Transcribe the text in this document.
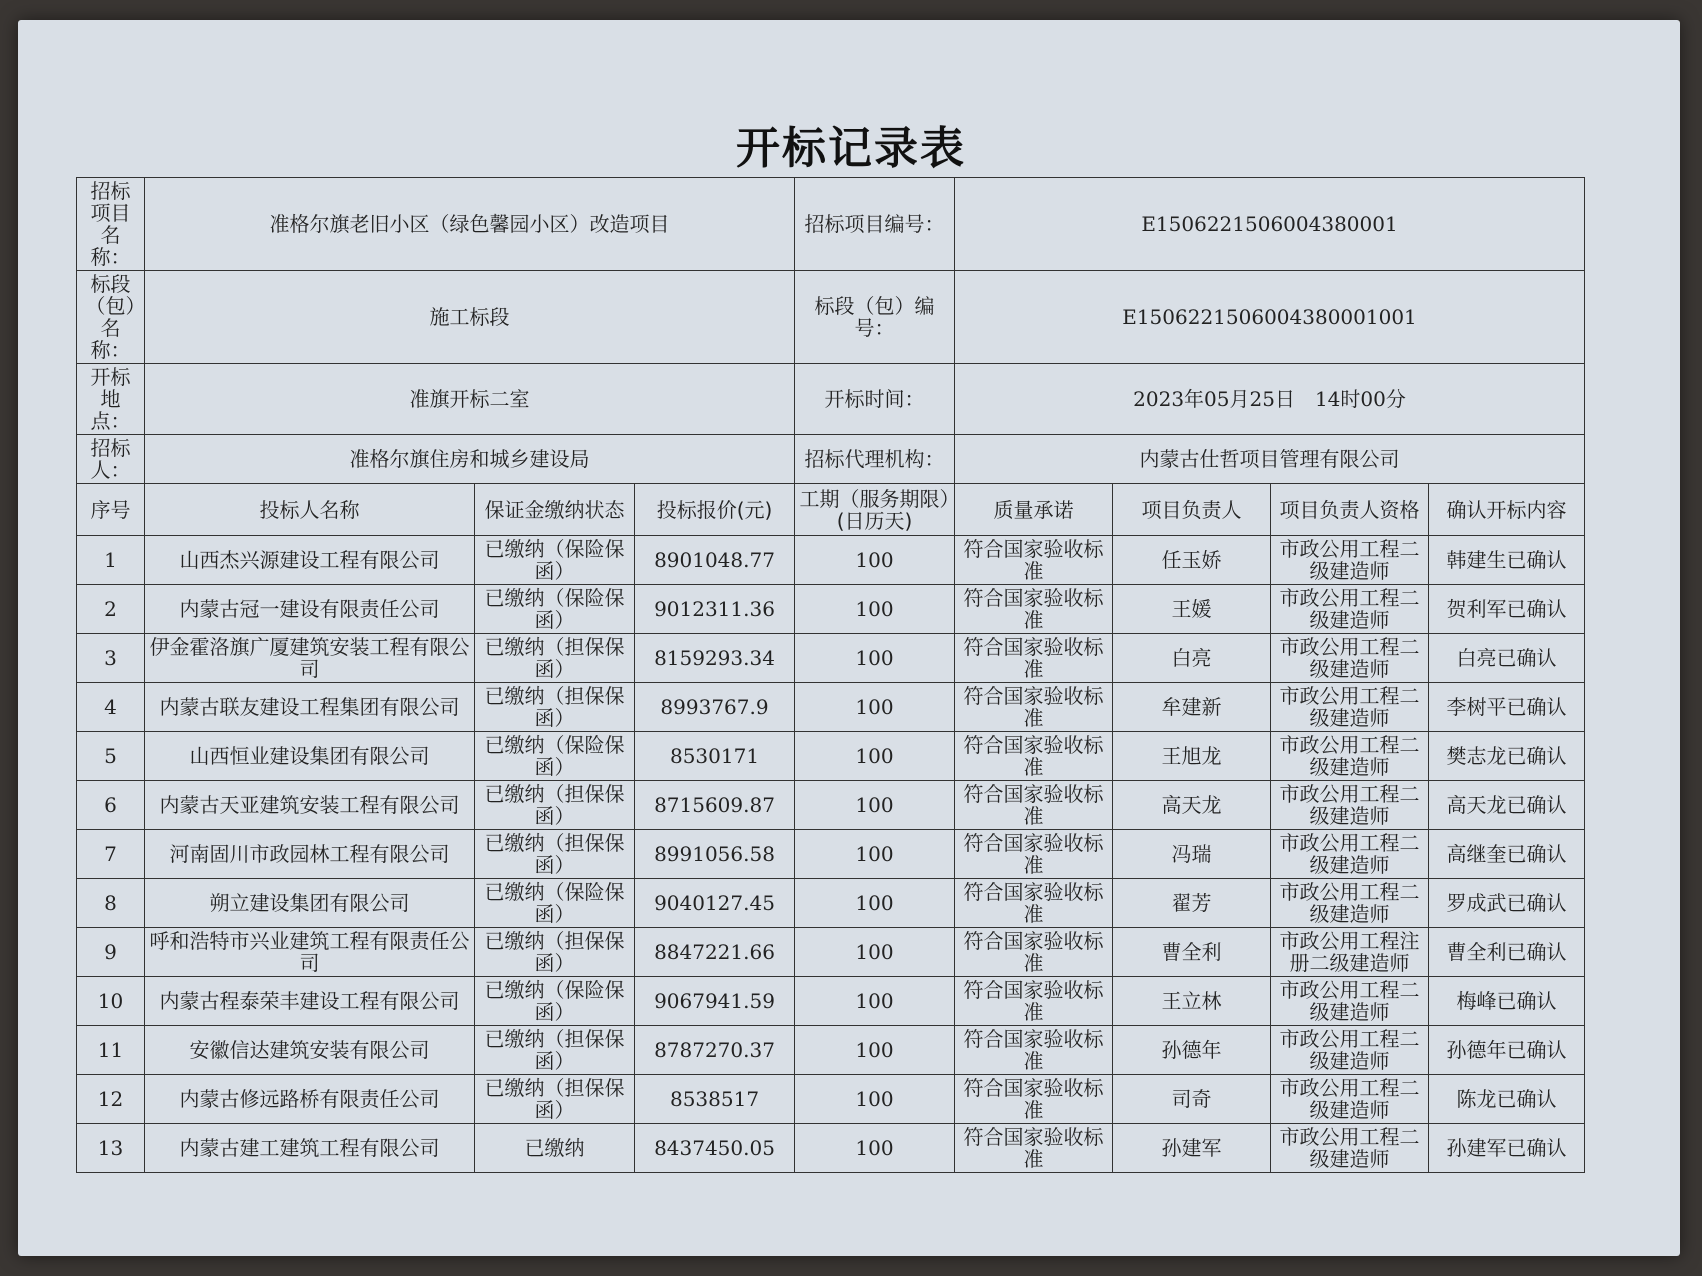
开标记录表
招标项目名称：	准格尔旗老旧小区（绿色馨园小区）改造项目			招标项目编号：	E1506221506004380001			
标段（包）名称：	施工标段			标段（包）编号：	E1506221506004380001001			
开标地点：	准旗开标二室			开标时间：	2023年05月25日　14时00分			
招标人：	准格尔旗住房和城乡建设局			招标代理机构：	内蒙古仕哲项目管理有限公司			
序号	投标人名称	保证金缴纳状态	投标报价(元)	工期（服务期限）(日历天)	质量承诺	项目负责人	项目负责人资格	确认开标内容
1	山西杰兴源建设工程有限公司	已缴纳（保险保函）	8901048.77	100	符合国家验收标准	任玉娇	市政公用工程二级建造师	韩建生已确认
2	内蒙古冠一建设有限责任公司	已缴纳（保险保函）	9012311.36	100	符合国家验收标准	王媛	市政公用工程二级建造师	贺利军已确认
3	伊金霍洛旗广厦建筑安装工程有限公司	已缴纳（担保保函）	8159293.34	100	符合国家验收标准	白亮	市政公用工程二级建造师	白亮已确认
4	内蒙古联友建设工程集团有限公司	已缴纳（担保保函）	8993767.9	100	符合国家验收标准	牟建新	市政公用工程二级建造师	李树平已确认
5	山西恒业建设集团有限公司	已缴纳（保险保函）	8530171	100	符合国家验收标准	王旭龙	市政公用工程二级建造师	樊志龙已确认
6	内蒙古天亚建筑安装工程有限公司	已缴纳（担保保函）	8715609.87	100	符合国家验收标准	高天龙	市政公用工程二级建造师	高天龙已确认
7	河南固川市政园林工程有限公司	已缴纳（担保保函）	8991056.58	100	符合国家验收标准	冯瑞	市政公用工程二级建造师	高继奎已确认
8	朔立建设集团有限公司	已缴纳（保险保函）	9040127.45	100	符合国家验收标准	翟芳	市政公用工程二级建造师	罗成武已确认
9	呼和浩特市兴业建筑工程有限责任公司	已缴纳（担保保函）	8847221.66	100	符合国家验收标准	曹全利	市政公用工程注册二级建造师	曹全利已确认
10	内蒙古程泰荣丰建设工程有限公司	已缴纳（保险保函）	9067941.59	100	符合国家验收标准	王立林	市政公用工程二级建造师	梅峰已确认
11	安徽信达建筑安装有限公司	已缴纳（担保保函）	8787270.37	100	符合国家验收标准	孙德年	市政公用工程二级建造师	孙德年已确认
12	内蒙古修远路桥有限责任公司	已缴纳（担保保函）	8538517	100	符合国家验收标准	司奇	市政公用工程二级建造师	陈龙已确认
13	内蒙古建工建筑工程有限公司	已缴纳	8437450.05	100	符合国家验收标准	孙建军	市政公用工程二级建造师	孙建军已确认
